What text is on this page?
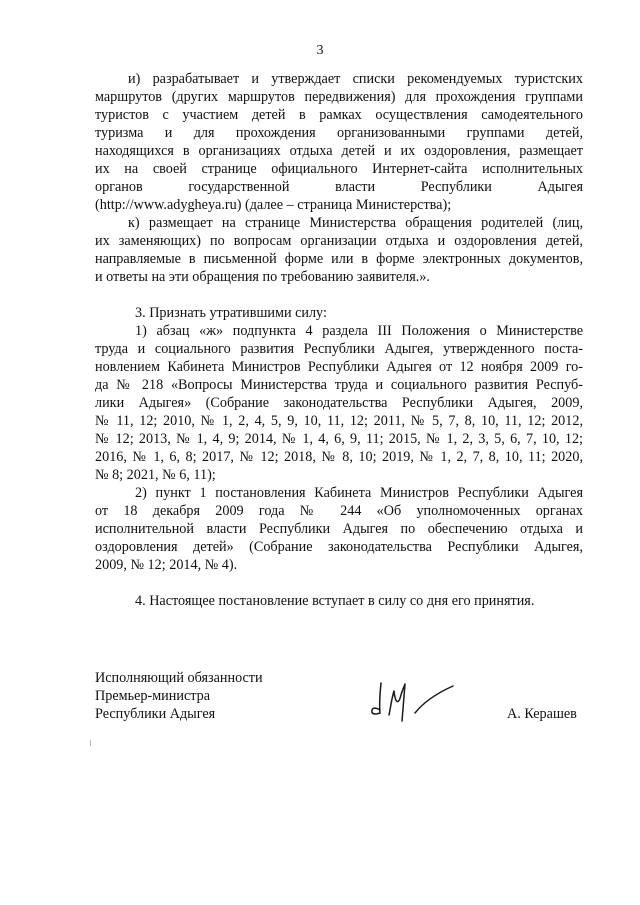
3
и) разрабатывает и утверждает списки рекомендуемых туристских
маршрутов (других маршрутов передвижения) для прохождения группами
туристов с участием детей в рамках осуществления самодеятельного
туризма и для прохождения организованными группами детей,
находящихся в организациях отдыха детей и их оздоровления, размещает
их на своей странице официального Интернет-сайта исполнительных
органов государственной власти Республики Адыгея
(http://www.adygheya.ru) (далее – страница Министерства);
к) размещает на странице Министерства обращения родителей (лиц,
их заменяющих) по вопросам организации отдыха и оздоровления детей,
направляемые в письменной форме или в форме электронных документов,
и ответы на эти обращения по требованию заявителя.».
3. Признать утратившими силу:
1) абзац «ж» подпункта 4 раздела III Положения о Министерстве
труда и социального развития Республики Адыгея, утвержденного поста-
новлением Кабинета Министров Республики Адыгея от 12 ноября 2009 го-
да № 218 «Вопросы Министерства труда и социального развития Респуб-
лики Адыгея» (Собрание законодательства Республики Адыгея, 2009,
№ 11, 12; 2010, № 1, 2, 4, 5, 9, 10, 11, 12; 2011, № 5, 7, 8, 10, 11, 12; 2012,
№ 12; 2013, № 1, 4, 9; 2014, № 1, 4, 6, 9, 11; 2015, № 1, 2, 3, 5, 6, 7, 10, 12;
2016, № 1, 6, 8; 2017, № 12; 2018, № 8, 10; 2019, № 1, 2, 7, 8, 10, 11; 2020,
№ 8; 2021, № 6, 11);
2) пункт 1 постановления Кабинета Министров Республики Адыгея
от 18 декабря 2009 года № 244 «Об уполномоченных органах
исполнительной власти Республики Адыгея по обеспечению отдыха и
оздоровления детей» (Собрание законодательства Республики Адыгея,
2009, № 12; 2014, № 4).
4. Настоящее постановление вступает в силу со дня его принятия.
Исполняющий обязанности
Премьер-министра
Республики Адыгея	А. Керашев
